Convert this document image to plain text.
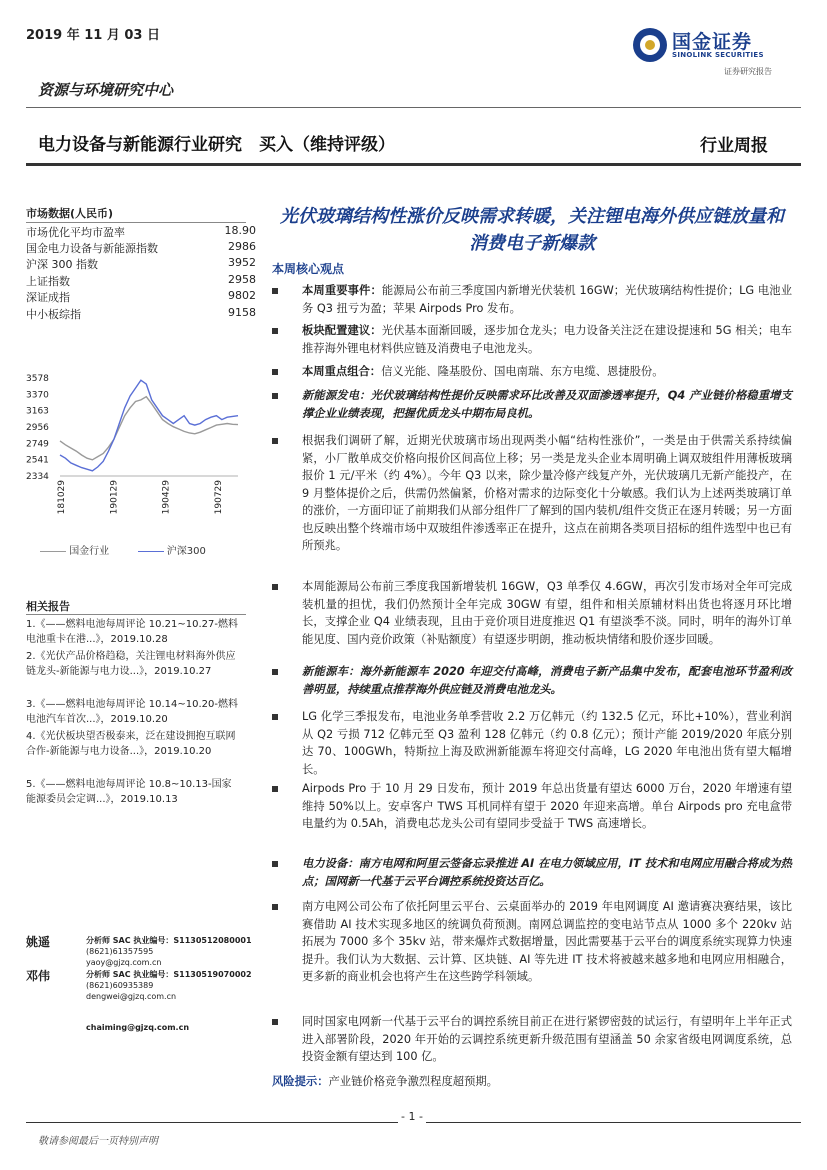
2019 年 11 月 03 日	国金证券
SINOLINK SECURITIES
证券研究报告
资源与环境研究中心
电力设备与新能源行业研究　买入（维持评级）	行业周报
市场数据(人民币)
市场优化平均市盈率	18.90
国金电力设备与新能源指数	2986
沪深 300 指数	3952
上证指数	2958
深证成指	9802
中小板综指	9158
3578
3370
3163
2956
2749
2541
2334
181029	190129	190429	190729
国金行业	沪深300
相关报告
1.《——燃料电池每周评论 10.21~10.27-燃料电池重卡在港...》，2019.10.28
2.《光伏产品价格趋稳，关注锂电材料海外供应链龙头-新能源与电力设...》，2019.10.27
3.《——燃料电池每周评论 10.14~10.20-燃料电池汽车首次...》，2019.10.20
4.《光伏板块望否极泰来，泛在建设拥抱互联网合作-新能源与电力设备...》，2019.10.20
5.《——燃料电池每周评论 10.8~10.13-国家能源委员会定调...》，2019.10.13
姚遥	分析师 SAC 执业编号：S1130512080001
(8621)61357595
yaoy@gjzq.com.cn
邓伟	分析师 SAC 执业编号：S1130519070002
(8621)60935389
dengwei@gjzq.com.cn
chaiming@gjzq.com.cn
光伏玻璃结构性涨价反映需求转暖，关注锂电海外供应链放量和消费电子新爆款
本周核心观点
本周重要事件：能源局公布前三季度国内新增光伏装机 16GW；光伏玻璃结构性提价；LG 电池业务 Q3 扭亏为盈；苹果 Airpods Pro 发布。
板块配置建议：光伏基本面渐回暖，逐步加仓龙头；电力设备关注泛在建设提速和 5G 相关；电车推荐海外锂电材料供应链及消费电子电池龙头。
本周重点组合：信义光能、隆基股份、国电南瑞、东方电缆、恩捷股份。
新能源发电：光伏玻璃结构性提价反映需求环比改善及双面渗透率提升，Q4 产业链价格稳重增支撑企业业绩表现，把握优质龙头中期布局良机。
根据我们调研了解，近期光伏玻璃市场出现两类小幅“结构性涨价”，一类是由于供需关系持续偏紧，小厂散单成交价格向报价区间高位上移；另一类是龙头企业本周明确上调双玻组件用薄板玻璃报价 1 元/平米（约 4%）。今年 Q3 以来，除少量冷修产线复产外，光伏玻璃几无新产能投产，在 9 月整体提价之后，供需仍然偏紧，价格对需求的边际变化十分敏感。我们认为上述两类玻璃订单的涨价，一方面印证了前期我们从部分组件厂了解到的国内装机/组件交货正在逐月转暖；另一方面也反映出整个终端市场中双玻组件渗透率正在提升，这点在前期各类项目招标的组件选型中也已有所预兆。
本周能源局公布前三季度我国新增装机 16GW，Q3 单季仅 4.6GW，再次引发市场对全年可完成装机量的担忧，我们仍然预计全年完成 30GW 有望，组件和相关原辅材料出货也将逐月环比增长，支撑企业 Q4 业绩表现，且由于竞价项目进度推迟 Q1 有望淡季不淡。同时，明年的海外订单能见度、国内竞价政策（补贴额度）有望逐步明朗，推动板块情绪和股价逐步回暖。
新能源车：海外新能源车 2020 年迎交付高峰，消费电子新产品集中发布，配套电池环节盈利改善明显，持续重点推荐海外供应链及消费电池龙头。
LG 化学三季报发布，电池业务单季营收 2.2 万亿韩元（约 132.5 亿元，环比+10%），营业利润从 Q2 亏损 712 亿韩元至 Q3 盈利 128 亿韩元（约 0.8 亿元）；预计产能 2019/2020 年底分别达 70、100GWh，特斯拉上海及欧洲新能源车将迎交付高峰，LG 2020 年电池出货有望大幅增长。
Airpods Pro 于 10 月 29 日发布，预计 2019 年总出货量有望达 6000 万台，2020 年增速有望维持 50%以上。安卓客户 TWS 耳机同样有望于 2020 年迎来高增。单台 Airpods pro 充电盒带电量约为 0.5Ah，消费电芯龙头公司有望同步受益于 TWS 高速增长。
电力设备：南方电网和阿里云签备忘录推进 AI 在电力领域应用，IT 技术和电网应用融合将成为热点；国网新一代基于云平台调控系统投资达百亿。
南方电网公司公布了依托阿里云平台、云桌面举办的 2019 年电网调度 AI 邀请赛决赛结果，该比赛借助 AI 技术实现多地区的统调负荷预测。南网总调监控的变电站节点从 1000 多个 220kv 站拓展为 7000 多个 35kv 站，带来爆炸式数据增量，因此需要基于云平台的调度系统实现算力快速提升。我们认为大数据、云计算、区块链、AI 等先进 IT 技术将被越来越多地和电网应用相融合，更多新的商业机会也将产生在这些跨学科领域。
同时国家电网新一代基于云平台的调控系统目前正在进行紧锣密鼓的试运行，有望明年上半年正式进入部署阶段，2020 年开始的云调控系统更新升级范围有望涵盖 50 余家省级电网调度系统，总投资金额有望达到 100 亿。
风险提示：产业链价格竞争激烈程度超预期。
- 1 -
敬请参阅最后一页特别声明
